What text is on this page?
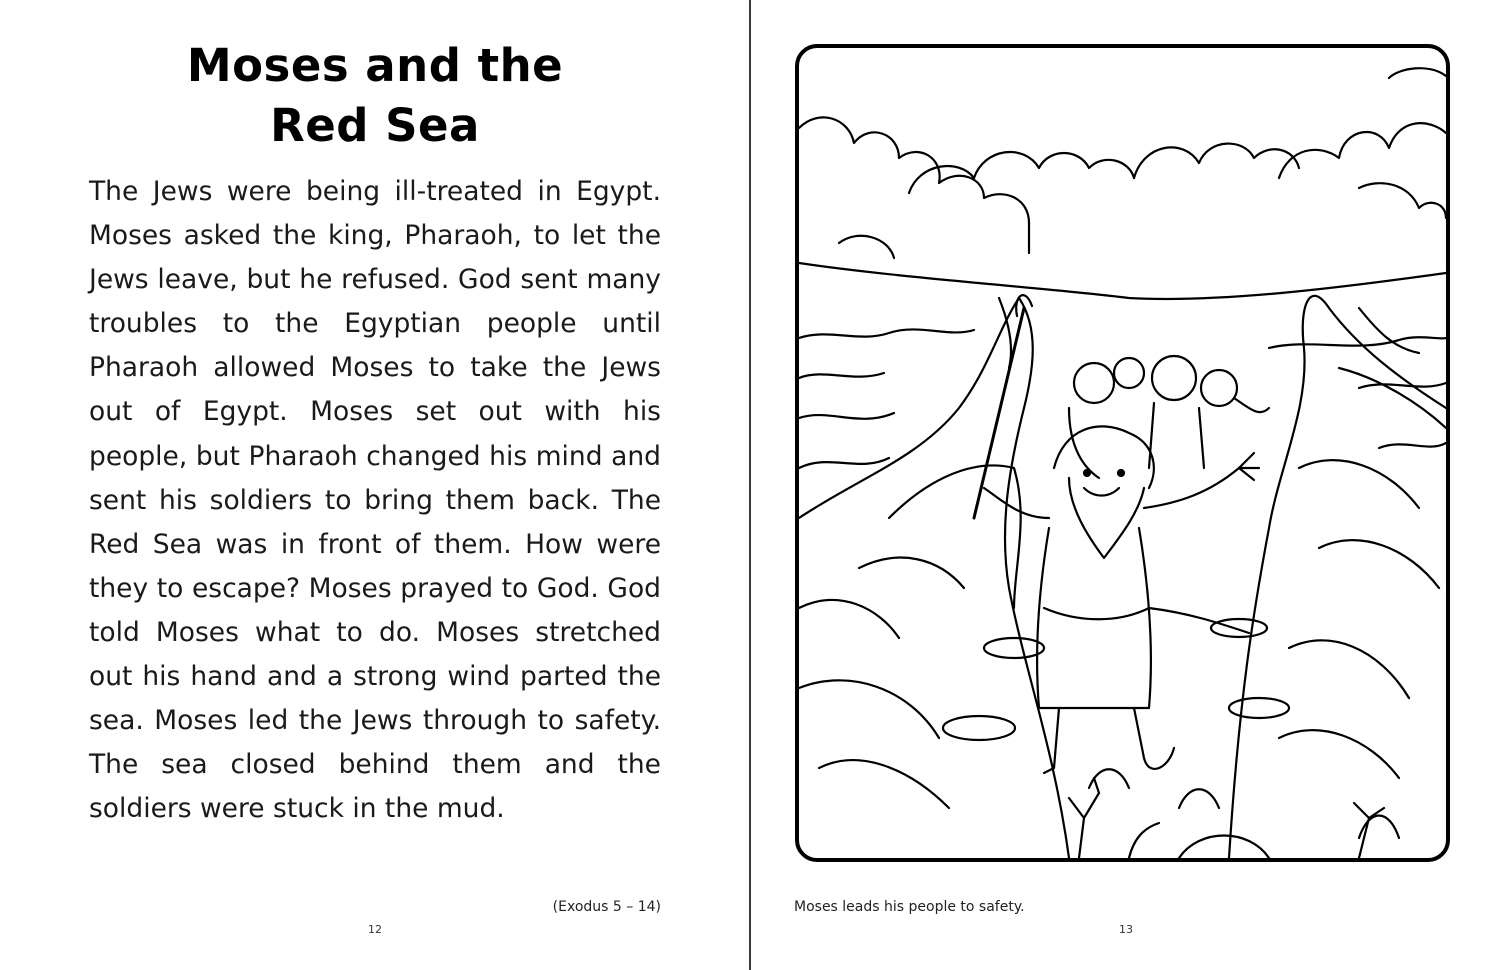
Moses and the
Red Sea

The Jews were being ill-treated in Egypt. Moses asked the king, Pharaoh, to let the Jews leave, but he refused. God sent many troubles to the Egyptian people until Pharaoh allowed Moses to take the Jews out of Egypt. Moses set out with his people, but Pharaoh changed his mind and sent his soldiers to bring them back. The Red Sea was in front of them. How were they to escape? Moses prayed to God. God told Moses what to do. Moses stretched out his hand and a strong wind parted the sea. Moses led the Jews through to safety. The sea closed behind them and the soldiers were stuck in the mud.

(Exodus 5 – 14)
12
Moses leads his people to safety.
13
